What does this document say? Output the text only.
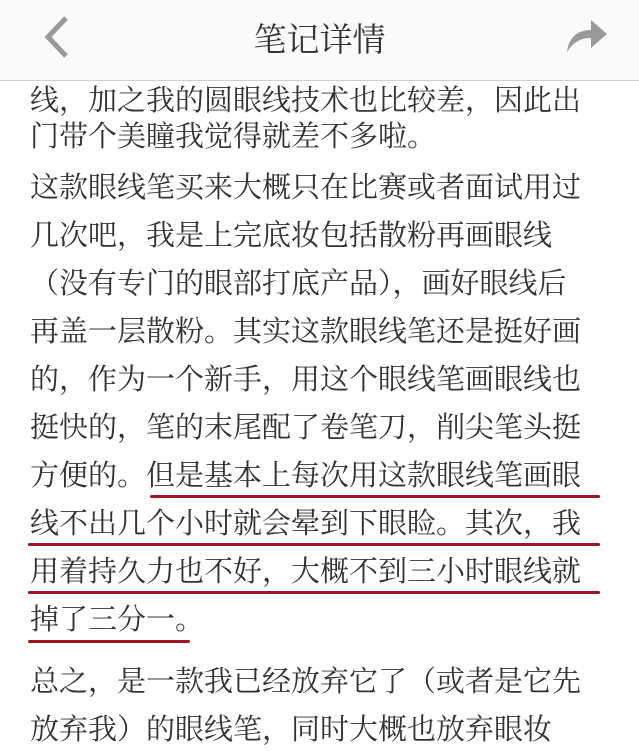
笔记详情
线，加之我的圆眼线技术也比较差，因此出
门带个美瞳我觉得就差不多啦。
这款眼线笔买来大概只在比赛或者面试用过
几次吧，我是上完底妆包括散粉再画眼线
（没有专门的眼部打底产品），画好眼线后
再盖一层散粉。其实这款眼线笔还是挺好画
的，作为一个新手，用这个眼线笔画眼线也
挺快的，笔的末尾配了卷笔刀，削尖笔头挺
方便的。但是基本上每次用这款眼线笔画眼
线不出几个小时就会晕到下眼睑。其次，我
用着持久力也不好，大概不到三小时眼线就
掉了三分一。
总之，是一款我已经放弃它了（或者是它先
放弃我）的眼线笔，同时大概也放弃眼妆
